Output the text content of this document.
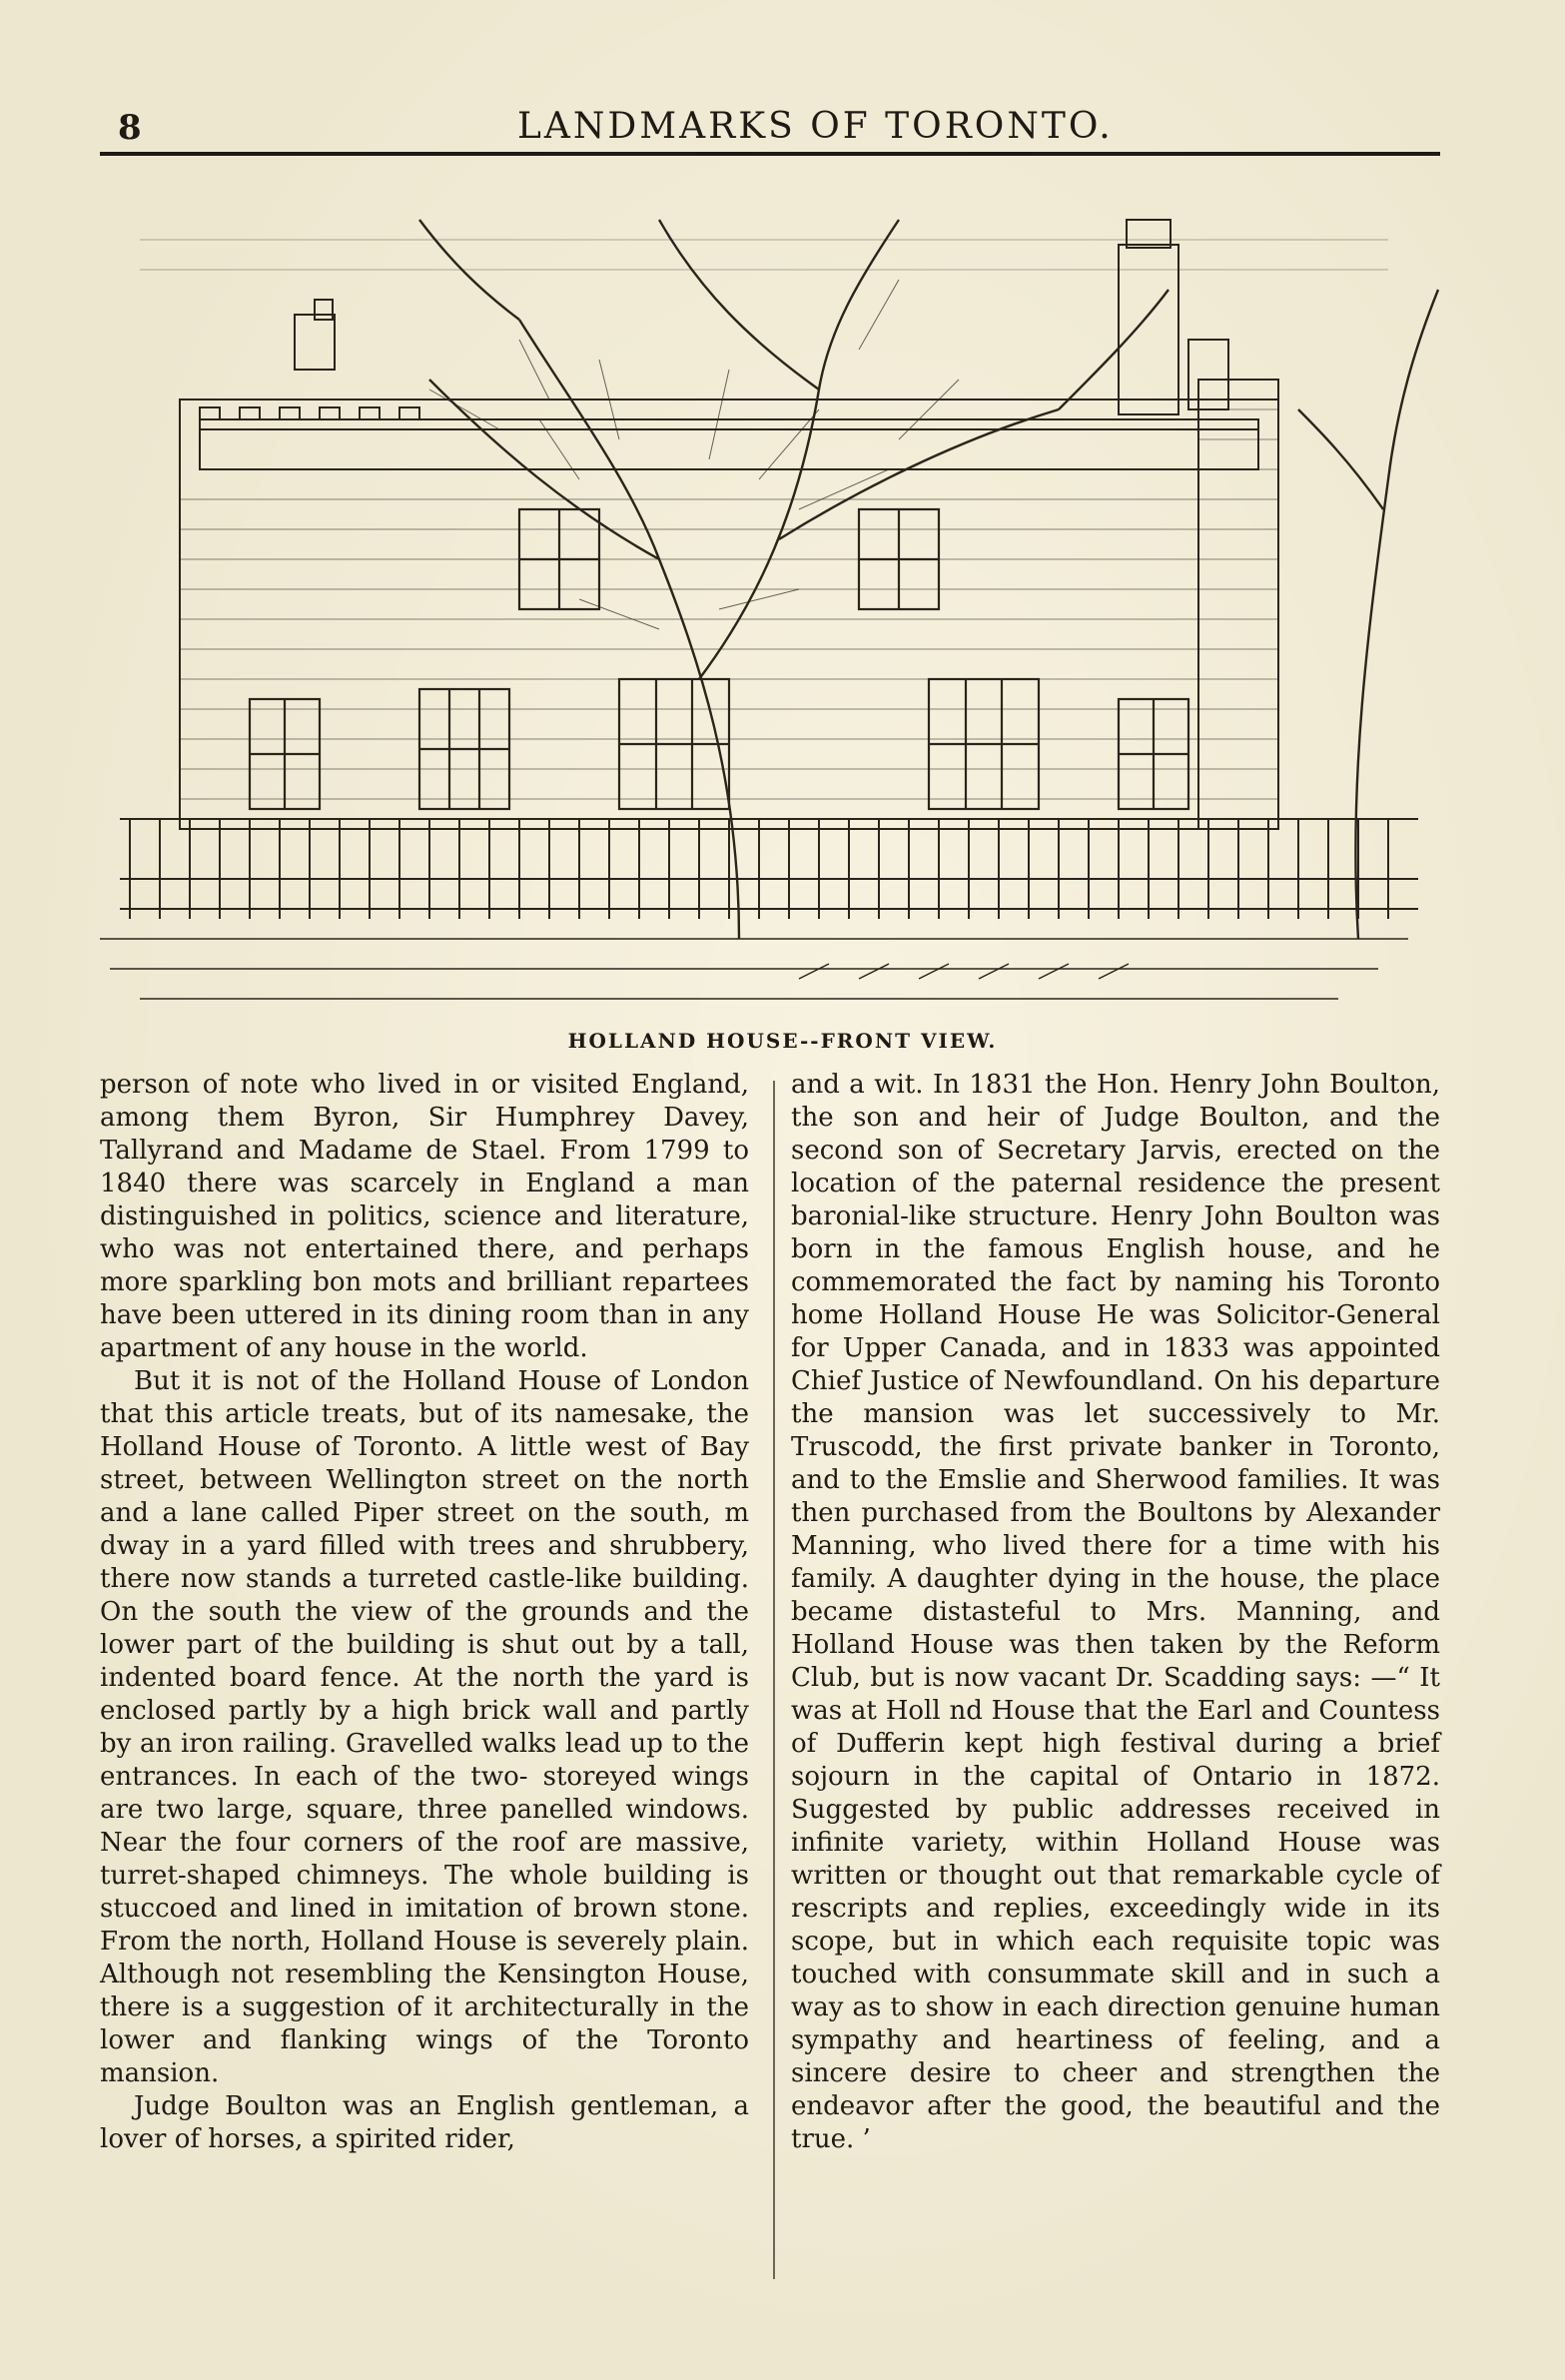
8	LANDMARKS OF TORONTO.
HOLLAND HOUSE--FRONT VIEW.

person of note who lived in or visited England, among them Byron, Sir Humphrey Davey, Tallyrand and Madame de Stael. From 1799 to 1840 there was scarcely in England a man distinguished in politics, science and literature, who was not entertained there, and perhaps more sparkling bon mots and brilliant repartees have been uttered in its dining room than in any apartment of any house in the world.

But it is not of the Holland House of London that this article treats, but of its namesake, the Holland House of Toronto. A little west of Bay street, between Wellington street on the north and a lane called Piper street on the south, m dway in a yard filled with trees and shrubbery, there now stands a turreted castle-like building. On the south the view of the grounds and the lower part of the building is shut out by a tall, indented board fence. At the north the yard is enclosed partly by a high brick wall and partly by an iron railing. Gravelled walks lead up to the entrances. In each of the two- storeyed wings are two large, square, three panelled windows. Near the four corners of the roof are massive, turret-shaped chimneys. The whole building is stuccoed and lined in imitation of brown stone. From the north, Holland House is severely plain. Although not resembling the Kensington House, there is a suggestion of it architecturally in the lower and flanking wings of the Toronto mansion.

Judge Boulton was an English gentleman, a lover of horses, a spirited rider,

and a wit. In 1831 the Hon. Henry John Boulton, the son and heir of Judge Boulton, and the second son of Secretary Jarvis, erected on the location of the paternal residence the present baronial-like structure. Henry John Boulton was born in the famous English house, and he commemorated the fact by naming his Toronto home Holland House He was Solicitor-General for Upper Canada, and in 1833 was appointed Chief Justice of Newfoundland. On his departure the mansion was let successively to Mr. Truscodd, the first private banker in Toronto, and to the Emslie and Sherwood families. It was then purchased from the Boultons by Alexander Manning, who lived there for a time with his family. A daughter dying in the house, the place became distasteful to Mrs. Manning, and Holland House was then taken by the Reform Club, but is now vacant Dr. Scadding says: —“ It was at Holl nd House that the Earl and Countess of Dufferin kept high festival during a brief sojourn in the capital of Ontario in 1872. Suggested by public addresses received in infinite variety, within Holland House was written or thought out that remarkable cycle of rescripts and replies, exceedingly wide in its scope, but in which each requisite topic was touched with consummate skill and in such a way as to show in each direction genuine human sympathy and heartiness of feeling, and a sincere desire to cheer and strengthen the endeavor after the good, the beautiful and the true. ’
